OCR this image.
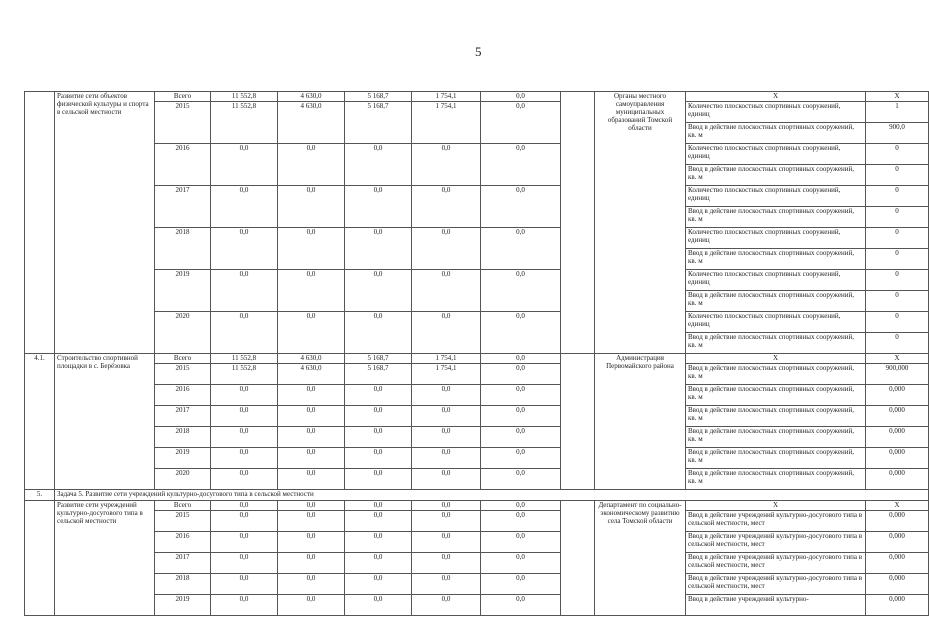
5
	Развитие сети объектов физической культуры и спорта в сельской местности	Всего	11 552,8	4 630,0	5 168,7	1 754,1	0,0		Органы местного самоуправления муниципальных образований Томской области	X	X
		2015	11 552,8	4 630,0	5 168,7	1 754,1	0,0			Количество плоскостных спортивных сооружений, единиц	1
										Ввод в действие плоскостных спортивных сооружений, кв. м	900,0
		2016	0,0	0,0	0,0	0,0	0,0			Количество плоскостных спортивных сооружений, единиц	0
										Ввод в действие плоскостных спортивных сооружений, кв. м	0
		2017	0,0	0,0	0,0	0,0	0,0			Количество плоскостных спортивных сооружений, единиц	0
										Ввод в действие плоскостных спортивных сооружений, кв. м	0
		2018	0,0	0,0	0,0	0,0	0,0			Количество плоскостных спортивных сооружений, единиц	0
										Ввод в действие плоскостных спортивных сооружений, кв. м	0
		2019	0,0	0,0	0,0	0,0	0,0			Количество плоскостных спортивных сооружений, единиц	0
										Ввод в действие плоскостных спортивных сооружений, кв. м	0
		2020	0,0	0,0	0,0	0,0	0,0			Количество плоскостных спортивных сооружений, единиц	0
										Ввод в действие плоскостных спортивных сооружений, кв. м	0
4.1.	Строительство спортивной площадки в с. Берёзовка	Всего	11 552,8	4 630,0	5 168,7	1 754,1	0,0		Администрация Первомайского района	X	X
		2015	11 552,8	4 630,0	5 168,7	1 754,1	0,0			Ввод в действие плоскостных спортивных сооружений, кв. м	900,000
		2016	0,0	0,0	0,0	0,0	0,0			Ввод в действие плоскостных спортивных сооружений, кв. м	0,000
		2017	0,0	0,0	0,0	0,0	0,0			Ввод в действие плоскостных спортивных сооружений, кв. м	0,000
		2018	0,0	0,0	0,0	0,0	0,0			Ввод в действие плоскостных спортивных сооружений, кв. м	0,000
		2019	0,0	0,0	0,0	0,0	0,0			Ввод в действие плоскостных спортивных сооружений, кв. м	0,000
		2020	0,0	0,0	0,0	0,0	0,0			Ввод в действие плоскостных спортивных сооружений, кв. м	0,000
5.	Задача 5. Развитие сети учреждений культурно-досугового типа в сельской местности										
	Развитие сети учреждений культурно-досугового типа в сельской местности	Всего	0,0	0,0	0,0	0,0	0,0		Департамент по социально-экономическому развитию села Томской области	X	X
		2015	0,0	0,0	0,0	0,0	0,0			Ввод в действие учреждений культурно-досугового типа в сельской местности, мест	0,000
		2016	0,0	0,0	0,0	0,0	0,0			Ввод в действие учреждений культурно-досугового типа в сельской местности, мест	0,000
		2017	0,0	0,0	0,0	0,0	0,0			Ввод в действие учреждений культурно-досугового типа в сельской местности, мест	0,000
		2018	0,0	0,0	0,0	0,0	0,0			Ввод в действие учреждений культурно-досугового типа в сельской местности, мест	0,000
		2019	0,0	0,0	0,0	0,0	0,0			Ввод в действие учреждений культурно-	0,000
